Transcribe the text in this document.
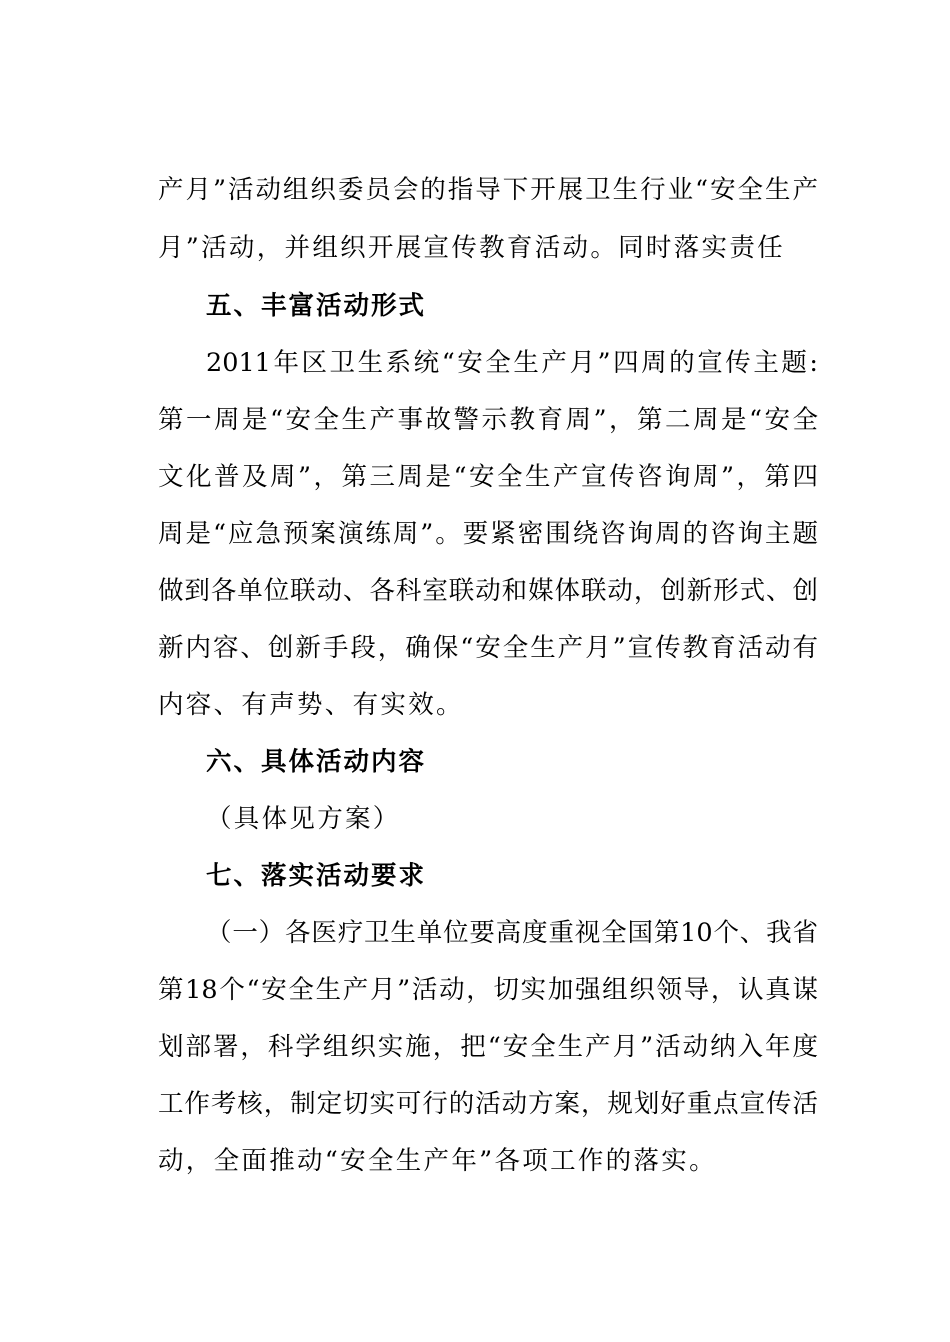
产月”活动组织委员会的指导下开展卫生行业“安全生产
月”活动，并组织开展宣传教育活动。同时落实责任
五、丰富活动形式
2011年区卫生系统“安全生产月”四周的宣传主题:
第一周是“安全生产事故警示教育周”，第二周是“安全
文化普及周”，第三周是“安全生产宣传咨询周”，第四
周是“应急预案演练周”。要紧密围绕咨询周的咨询主题
做到各单位联动、各科室联动和媒体联动，创新形式、创
新内容、创新手段，确保“安全生产月”宣传教育活动有
内容、有声势、有实效。
六、具体活动内容
（具体见方案）
七、落实活动要求
（一）各医疗卫生单位要高度重视全国第10个、我省
第18个“安全生产月”活动，切实加强组织领导，认真谋
划部署，科学组织实施，把“安全生产月”活动纳入年度
工作考核，制定切实可行的活动方案，规划好重点宣传活
动，全面推动“安全生产年”各项工作的落实。
